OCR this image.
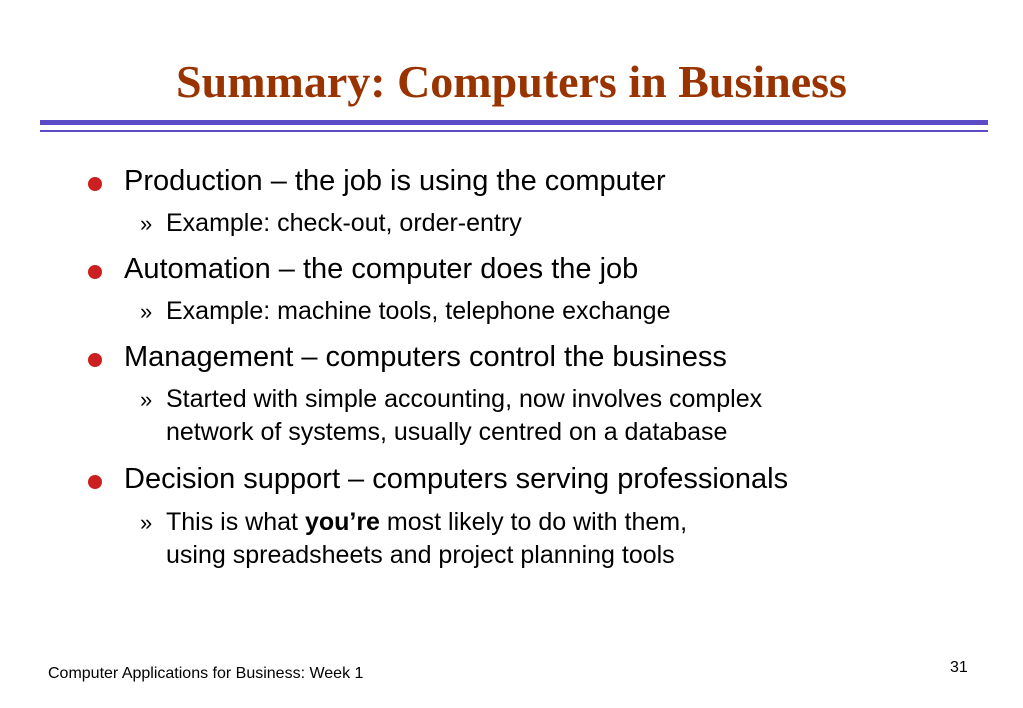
Summary: Computers in Business
Production – the job is using the computer
» Example: check-out, order-entry
Automation – the computer does the job
» Example: machine tools, telephone exchange
Management – computers control the business
» Started with simple accounting, now involves complex
network of systems, usually centred on a database
Decision support – computers serving professionals
» This is what you’re most likely to do with them,
using spreadsheets and project planning tools
Computer Applications for Business: Week 1	31
